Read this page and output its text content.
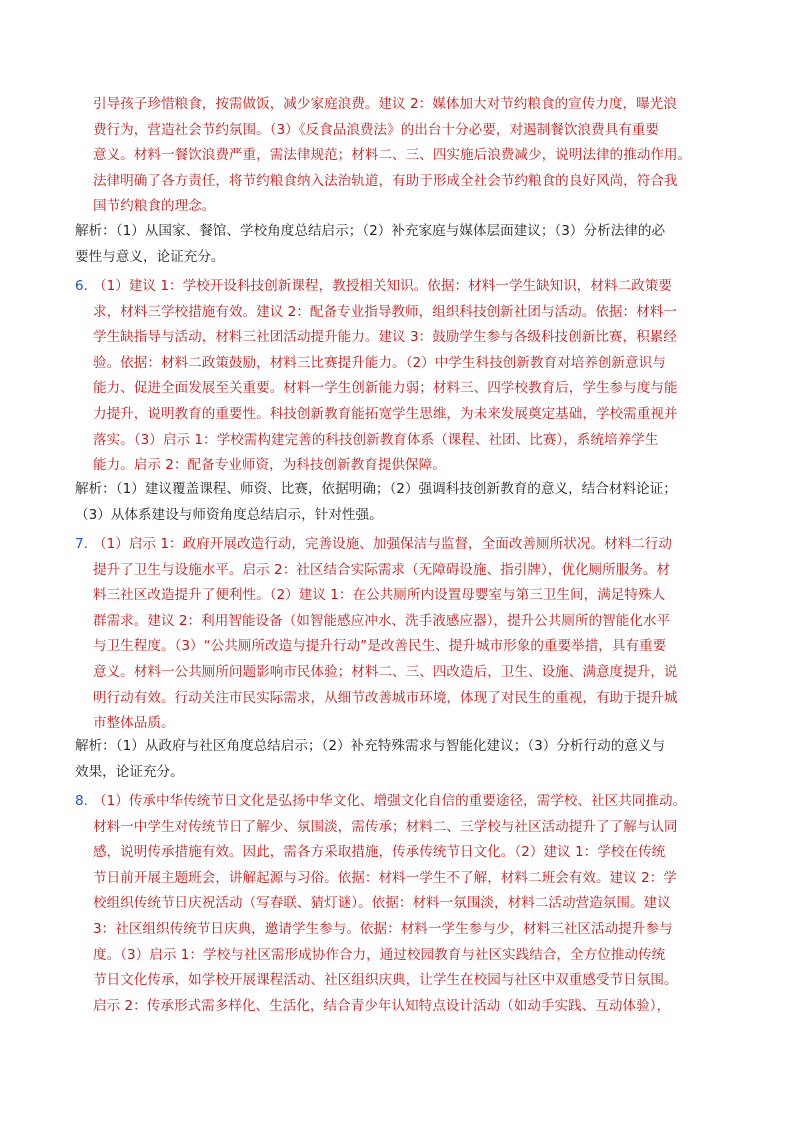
引导孩子珍惜粮食，按需做饭，减少家庭浪费。建议 2：媒体加大对节约粮食的宣传力度，曝光浪
费行为，营造社会节约氛围。（3）《反食品浪费法》的出台十分必要，对遏制餐饮浪费具有重要
意义。材料一餐饮浪费严重，需法律规范；材料二、三、四实施后浪费减少，说明法律的推动作用。
法律明确了各方责任，将节约粮食纳入法治轨道，有助于形成全社会节约粮食的良好风尚，符合我
国节约粮食的理念。
解析：（1）从国家、餐馆、学校角度总结启示；（2）补充家庭与媒体层面建议；（3）分析法律的必
要性与意义，论证充分。
6. （1）建议 1：学校开设科技创新课程，教授相关知识。依据：材料一学生缺知识，材料二政策要
求，材料三学校措施有效。建议 2：配备专业指导教师，组织科技创新社团与活动。依据：材料一
学生缺指导与活动，材料三社团活动提升能力。建议 3：鼓励学生参与各级科技创新比赛，积累经
验。依据：材料二政策鼓励，材料三比赛提升能力。（2）中学生科技创新教育对培养创新意识与
能力、促进全面发展至关重要。材料一学生创新能力弱；材料三、四学校教育后，学生参与度与能
力提升，说明教育的重要性。科技创新教育能拓宽学生思维，为未来发展奠定基础，学校需重视并
落实。（3）启示 1：学校需构建完善的科技创新教育体系（课程、社团、比赛），系统培养学生
能力。启示 2：配备专业师资，为科技创新教育提供保障。
解析：（1）建议覆盖课程、师资、比赛，依据明确；（2）强调科技创新教育的意义，结合材料论证；
（3）从体系建设与师资角度总结启示，针对性强。
7. （1）启示 1：政府开展改造行动，完善设施、加强保洁与监督，全面改善厕所状况。材料二行动
提升了卫生与设施水平。启示 2：社区结合实际需求（无障碍设施、指引牌），优化厕所服务。材
料三社区改造提升了便利性。（2）建议 1：在公共厕所内设置母婴室与第三卫生间，满足特殊人
群需求。建议 2：利用智能设备（如智能感应冲水、洗手液感应器），提升公共厕所的智能化水平
与卫生程度。（3）“公共厕所改造与提升行动”是改善民生、提升城市形象的重要举措，具有重要
意义。材料一公共厕所问题影响市民体验；材料二、三、四改造后，卫生、设施、满意度提升，说
明行动有效。行动关注市民实际需求，从细节改善城市环境，体现了对民生的重视，有助于提升城
市整体品质。
解析：（1）从政府与社区角度总结启示；（2）补充特殊需求与智能化建议；（3）分析行动的意义与
效果，论证充分。
8. （1）传承中华传统节日文化是弘扬中华文化、增强文化自信的重要途径，需学校、社区共同推动。
材料一中学生对传统节日了解少、氛围淡，需传承；材料二、三学校与社区活动提升了了解与认同
感，说明传承措施有效。因此，需各方采取措施，传承传统节日文化。（2）建议 1：学校在传统
节日前开展主题班会，讲解起源与习俗。依据：材料一学生不了解，材料二班会有效。建议 2：学
校组织传统节日庆祝活动（写春联、猜灯谜）。依据：材料一氛围淡，材料二活动营造氛围。建议
3：社区组织传统节日庆典，邀请学生参与。依据：材料一学生参与少，材料三社区活动提升参与
度。（3）启示 1：学校与社区需形成协作合力，通过校园教育与社区实践结合，全方位推动传统
节日文化传承，如学校开展课程活动、社区组织庆典，让学生在校园与社区中双重感受节日氛围。
启示 2：传承形式需多样化、生活化，结合青少年认知特点设计活动（如动手实践、互动体验），
